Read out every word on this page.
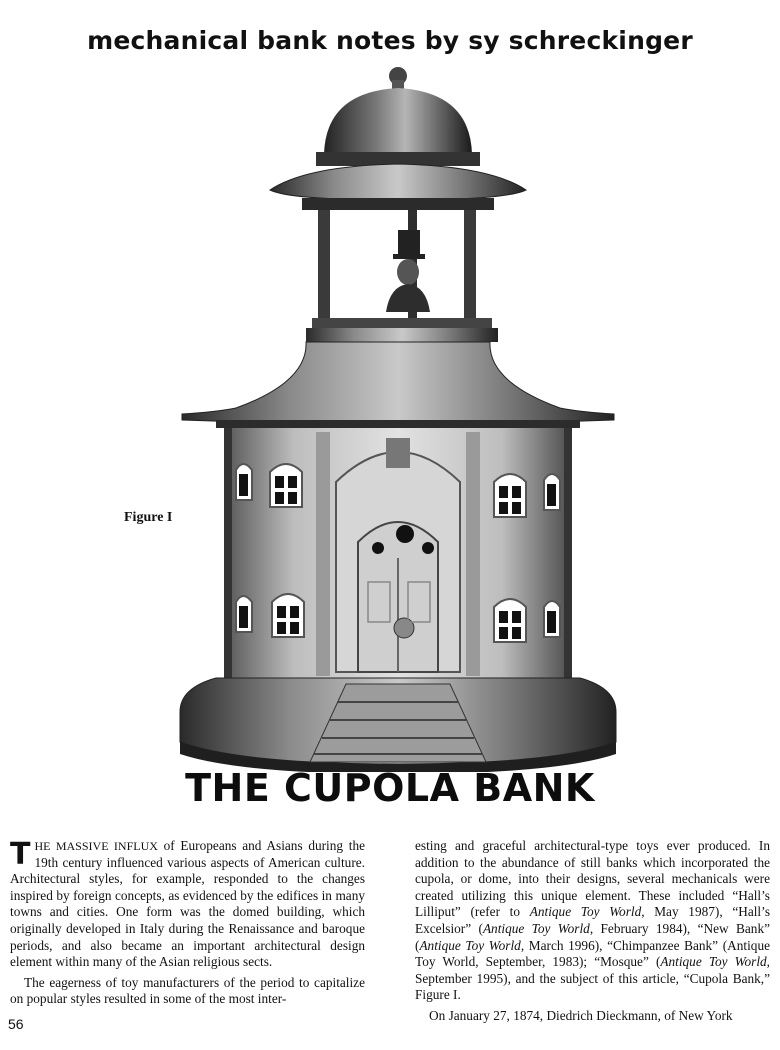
mechanical bank notes by sy schreckinger
Figure I
THE CUPOLA BANK

THE MASSIVE INFLUX of Europeans and Asians during the 19th century influenced various aspects of American culture. Architectural styles, for example, responded to the changes inspired by foreign concepts, as evidenced by the edifices in many towns and cities. One form was the domed building, which originally developed in Italy during the Renaissance and baroque periods, and also became an important architectural design element within many of the Asian religious sects.

The eagerness of toy manufacturers of the period to capitalize on popular styles resulted in some of the most inter-

esting and graceful architectural-type toys ever produced. In addition to the abundance of still banks which incorporated the cupola, or dome, into their designs, several mechanicals were created utilizing this unique element. These included “Hall’s Lilliput” (refer to Antique Toy World, May 1987), “Hall’s Excelsior” (Antique Toy World, February 1984), “New Bank” (Antique Toy World, March 1996), “Chimpanzee Bank” (Antique Toy World, September, 1983); “Mosque” (Antique Toy World, September 1995), and the subject of this article, “Cupola Bank,” Figure I.

On January 27, 1874, Diedrich Dieckmann, of New York

56
